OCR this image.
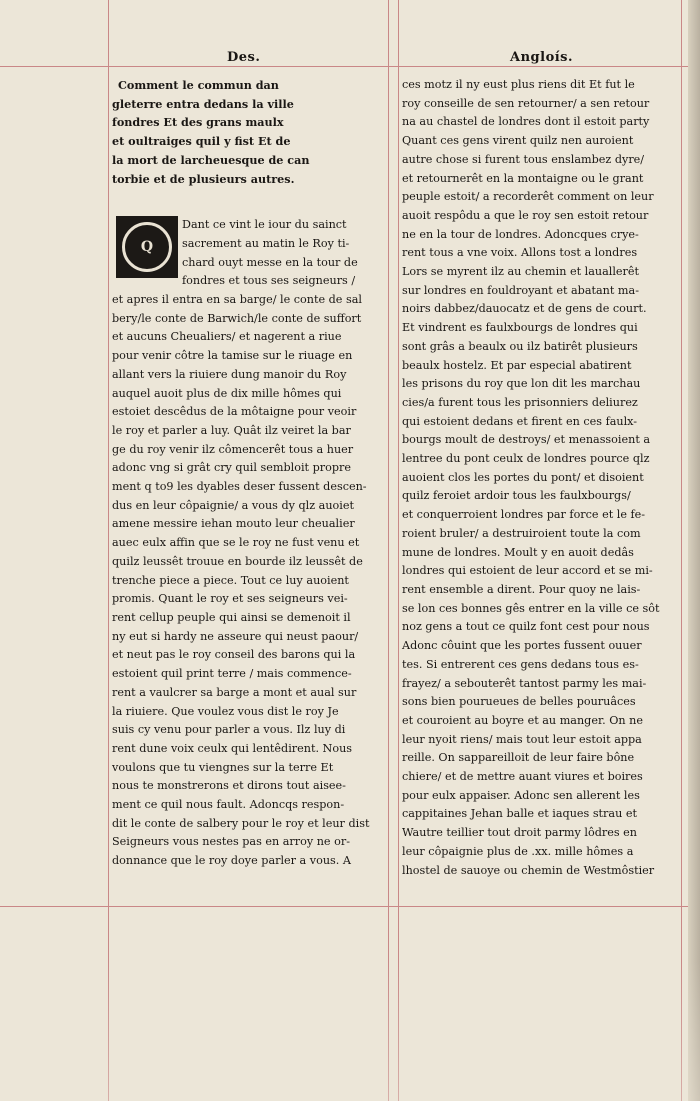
Des.	Angloís.

Comment le commun dan

gleterre entra dedans la ville

fondres Et des grans maulx

et oultraiges quil y fist Et de

la mort de larcheuesque de can

torbie et de plusieurs autres.

Q

Dant ce vint le iour du sainct

sacrement au matin le Roy ti-

chard ouyt messe en la tour de

fondres et tous ses seigneurs /

et apres il entra en sa barge/ le conte de sal

bery/le conte de Barwich/le conte de suffort

et aucuns Cheualiers/ et nagerent a riue

pour venir côtre la tamise sur le riuage en

allant vers la riuiere dung manoir du Roy

auquel auoit plus de dix mille hômes qui

estoiet descêdus de la môtaigne pour veoir

le roy et parler a luy. Quât ilz veiret la bar

ge du roy venir ilz cômencerêt tous a huer

adonc vng si grât cry quil sembloit propre

ment q to9 les dyables deser fussent descen-

dus en leur côpaignie/ a vous dy qlz auoiet

amene messire iehan mouto leur cheualier

auec eulx affin que se le roy ne fust venu et

quilz leussêt trouue en bourde ilz leussêt de

trenche piece a piece. Tout ce luy auoient

promis. Quant le roy et ses seigneurs vei-

rent cellup peuple qui ainsi se demenoit il

ny eut si hardy ne asseure qui neust paour/

et neut pas le roy conseil des barons qui la

estoient quil print terre / mais commence-

rent a vaulcrer sa barge a mont et aual sur

la riuiere. Que voulez vous dist le roy Je

suis cy venu pour parler a vous. Ilz luy di

rent dune voix ceulx qui lentêdirent. Nous

voulons que tu viengnes sur la terre Et

nous te monstrerons et dirons tout aisee-

ment ce quil nous fault. Adoncqs respon-

dit le conte de salbery pour le roy et leur dist

Seigneurs vous nestes pas en arroy ne or-

donnance que le roy doye parler a vous. A

ces motz il ny eust plus riens dit Et fut le

roy conseille de sen retourner/ a sen retour

na au chastel de londres dont il estoit party

Quant ces gens virent quilz nen auroient

autre chose si furent tous enslambez dyre/

et retournerêt en la montaigne ou le grant

peuple estoit/ a recorderêt comment on leur

auoit respôdu a que le roy sen estoit retour

ne en la tour de londres. Adoncques crye-

rent tous a vne voix. Allons tost a londres

Lors se myrent ilz au chemin et lauallerêt

sur londres en fouldroyant et abatant ma-

noirs dabbez/dauocatz et de gens de court.

Et vindrent es faulxbourgs de londres qui

sont grâs a beaulx ou ilz batirêt plusieurs

beaulx hostelz. Et par especial abatirent

les prisons du roy que lon dit les marchau

cies/a furent tous les prisonniers deliurez

qui estoient dedans et firent en ces faulx-

bourgs moult de destroys/ et menassoient a

lentree du pont ceulx de londres pource qlz

auoient clos les portes du pont/ et disoient

quilz feroiet ardoir tous les faulxbourgs/

et conquerroient londres par force et le fe-

roient bruler/ a destruiroient toute la com

mune de londres. Moult y en auoit dedâs

londres qui estoient de leur accord et se mi-

rent ensemble a dirent. Pour quoy ne lais-

se lon ces bonnes gês entrer en la ville ce sôt

noz gens a tout ce quilz font cest pour nous

Adonc côuint que les portes fussent ouuer

tes. Si entrerent ces gens dedans tous es-

frayez/ a sebouterêt tantost parmy les mai-

sons bien pourueues de belles pouruâces

et couroient au boyre et au manger. On ne

leur nyoit riens/ mais tout leur estoit appa

reille. On sappareilloit de leur faire bône

chiere/ et de mettre auant viures et boires

pour eulx appaiser. Adonc sen allerent les

cappitaines Jehan balle et iaques strau et

Wautre teillier tout droit parmy lôdres en

leur côpaignie plus de .xx. mille hômes a

lhostel de sauoye ou chemin de Westmôstier
